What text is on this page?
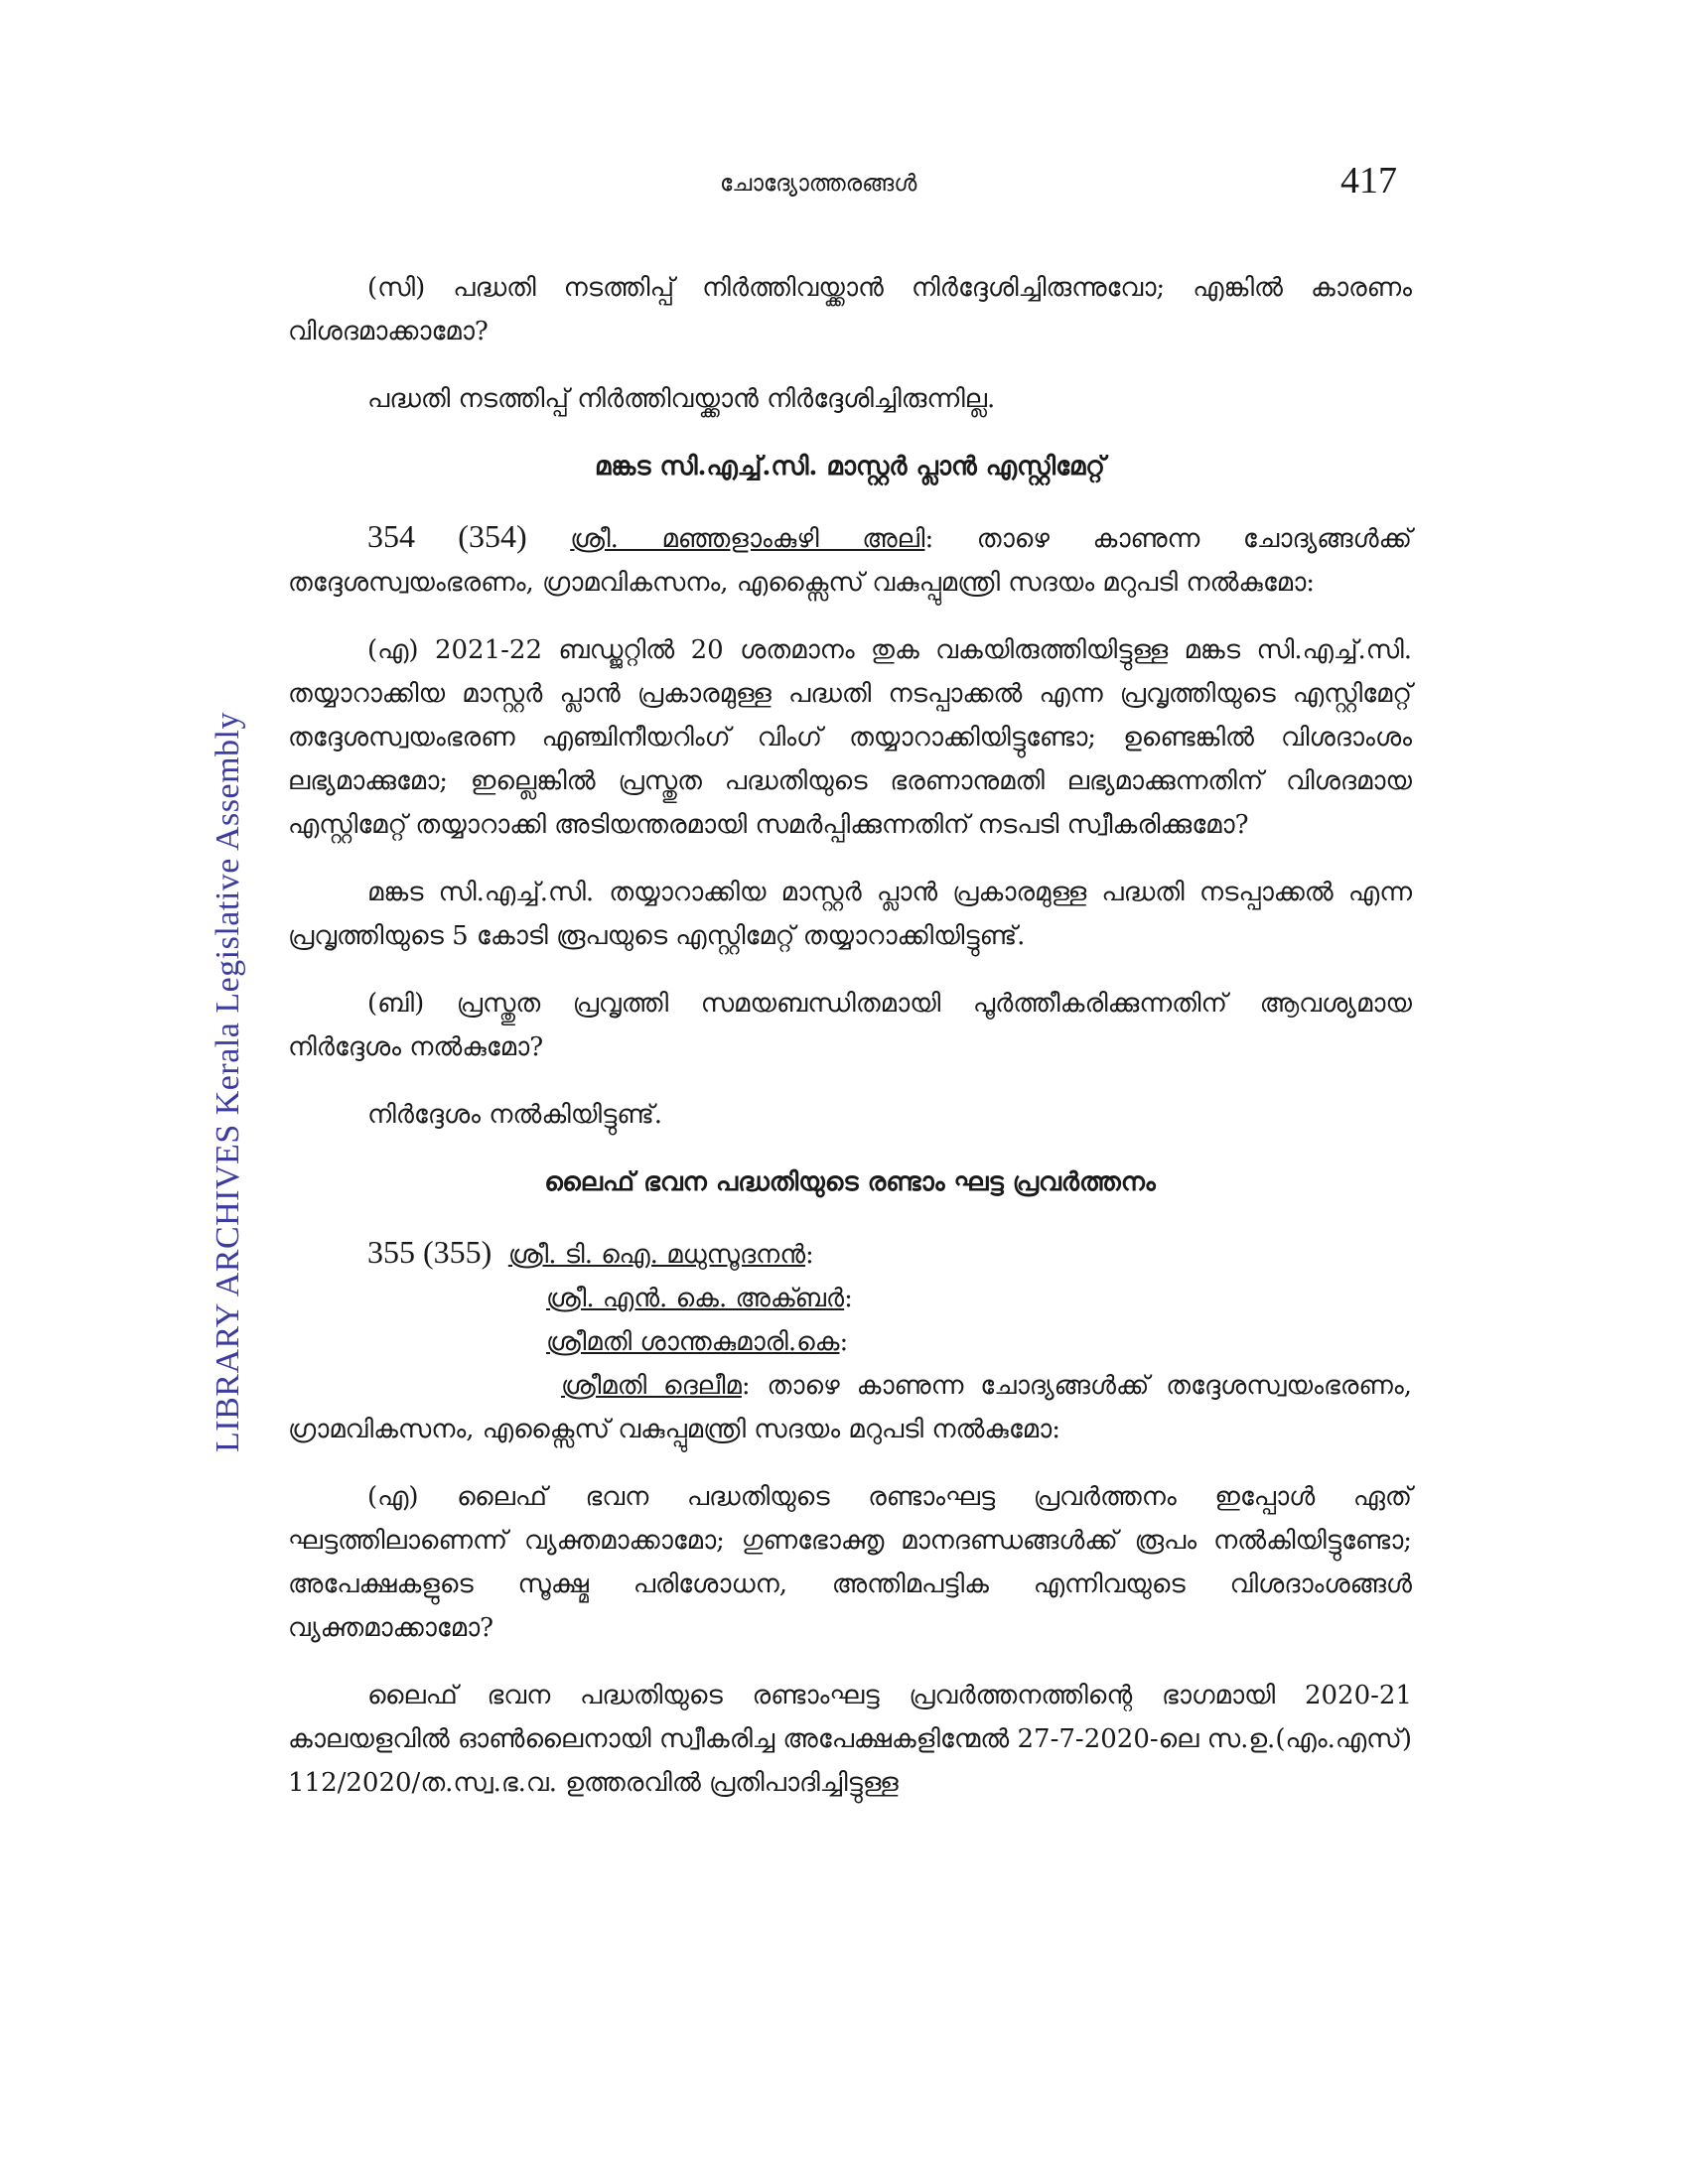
LIBRARY ARCHIVES Kerala Legislative Assembly
ചോദ്യോത്തരങ്ങൾ	417

(സി) പദ്ധതി നടത്തിപ്പ് നിർത്തിവയ്ക്കാൻ നിർദ്ദേശിച്ചിരുന്നുവോ; എങ്കിൽ കാരണം വിശദമാക്കാമോ?

പദ്ധതി നടത്തിപ്പ് നിർത്തിവയ്ക്കാൻ നിർദ്ദേശിച്ചിരുന്നില്ല.

മങ്കട സി.എച്ച്.സി. മാസ്റ്റർ പ്ലാൻ എസ്റ്റിമേറ്റ്

354 (354) ശ്രീ. മഞ്ഞളാംകുഴി അലി: താഴെ കാണുന്ന ചോദ്യങ്ങൾക്ക് തദ്ദേശസ്വയംഭരണം, ഗ്രാമവികസനം, എക്സൈസ് വകുപ്പുമന്ത്രി സദയം മറുപടി നൽകുമോ:

(എ) 2021-22 ബഡ്ജറ്റിൽ 20 ശതമാനം തുക വകയിരുത്തിയിട്ടുള്ള മങ്കട സി.എച്ച്.സി. തയ്യാറാക്കിയ മാസ്റ്റർ പ്ലാൻ പ്രകാരമുള്ള പദ്ധതി നടപ്പാക്കൽ എന്ന പ്രവൃത്തിയുടെ എസ്റ്റിമേറ്റ് തദ്ദേശസ്വയംഭരണ എഞ്ചിനീയറിംഗ് വിംഗ് തയ്യാറാക്കിയിട്ടുണ്ടോ; ഉണ്ടെങ്കിൽ വിശദാംശം ലഭ്യമാക്കുമോ; ഇല്ലെങ്കിൽ പ്രസ്തുത പദ്ധതിയുടെ ഭരണാനുമതി ലഭ്യമാക്കുന്നതിന് വിശദമായ എസ്റ്റിമേറ്റ് തയ്യാറാക്കി അടിയന്തരമായി സമർപ്പിക്കുന്നതിന് നടപടി സ്വീകരിക്കുമോ?

മങ്കട സി.എച്ച്.സി. തയ്യാറാക്കിയ മാസ്റ്റർ പ്ലാൻ പ്രകാരമുള്ള പദ്ധതി നടപ്പാക്കൽ എന്ന പ്രവൃത്തിയുടെ 5 കോടി രൂപയുടെ എസ്റ്റിമേറ്റ് തയ്യാറാക്കിയിട്ടുണ്ട്.

(ബി) പ്രസ്തുത പ്രവൃത്തി സമയബന്ധിതമായി പൂർത്തീകരിക്കുന്നതിന് ആവശ്യമായ നിർദ്ദേശം നൽകുമോ?

നിർദ്ദേശം നൽകിയിട്ടുണ്ട്.

ലൈഫ് ഭവന പദ്ധതിയുടെ രണ്ടാം ഘട്ട പ്രവർത്തനം

355 (355) ശ്രീ. ടി. ഐ. മധുസൂദനൻ:
ശ്രീ. എൻ. കെ. അക്ബർ:
ശ്രീമതി ശാന്തകുമാരി.കെ:

ശ്രീമതി ദെലീമ: താഴെ കാണുന്ന ചോദ്യങ്ങൾക്ക് തദ്ദേശസ്വയംഭരണം, ഗ്രാമവികസനം, എക്സൈസ് വകുപ്പുമന്ത്രി സദയം മറുപടി നൽകുമോ:

(എ) ലൈഫ് ഭവന പദ്ധതിയുടെ രണ്ടാംഘട്ട പ്രവർത്തനം ഇപ്പോൾ ഏത് ഘട്ടത്തിലാണെന്ന് വ്യക്തമാക്കാമോ; ഗുണഭോക്തൃ മാനദണ്ഡങ്ങൾക്ക് രൂപം നൽകിയിട്ടുണ്ടോ; അപേക്ഷകളുടെ സൂക്ഷ്മ പരിശോധന, അന്തിമപട്ടിക എന്നിവയുടെ വിശദാംശങ്ങൾ വ്യക്തമാക്കാമോ?

ലൈഫ് ഭവന പദ്ധതിയുടെ രണ്ടാംഘട്ട പ്രവർത്തനത്തിന്റെ ഭാഗമായി 2020-21 കാലയളവിൽ ഓൺലൈനായി സ്വീകരിച്ച അപേക്ഷകളിന്മേൽ 27-7-2020-ലെ സ.ഉ.(എം.എസ്) 112/2020/ത.സ്വ.ഭ.വ. ഉത്തരവിൽ പ്രതിപാദിച്ചിട്ടുള്ള
